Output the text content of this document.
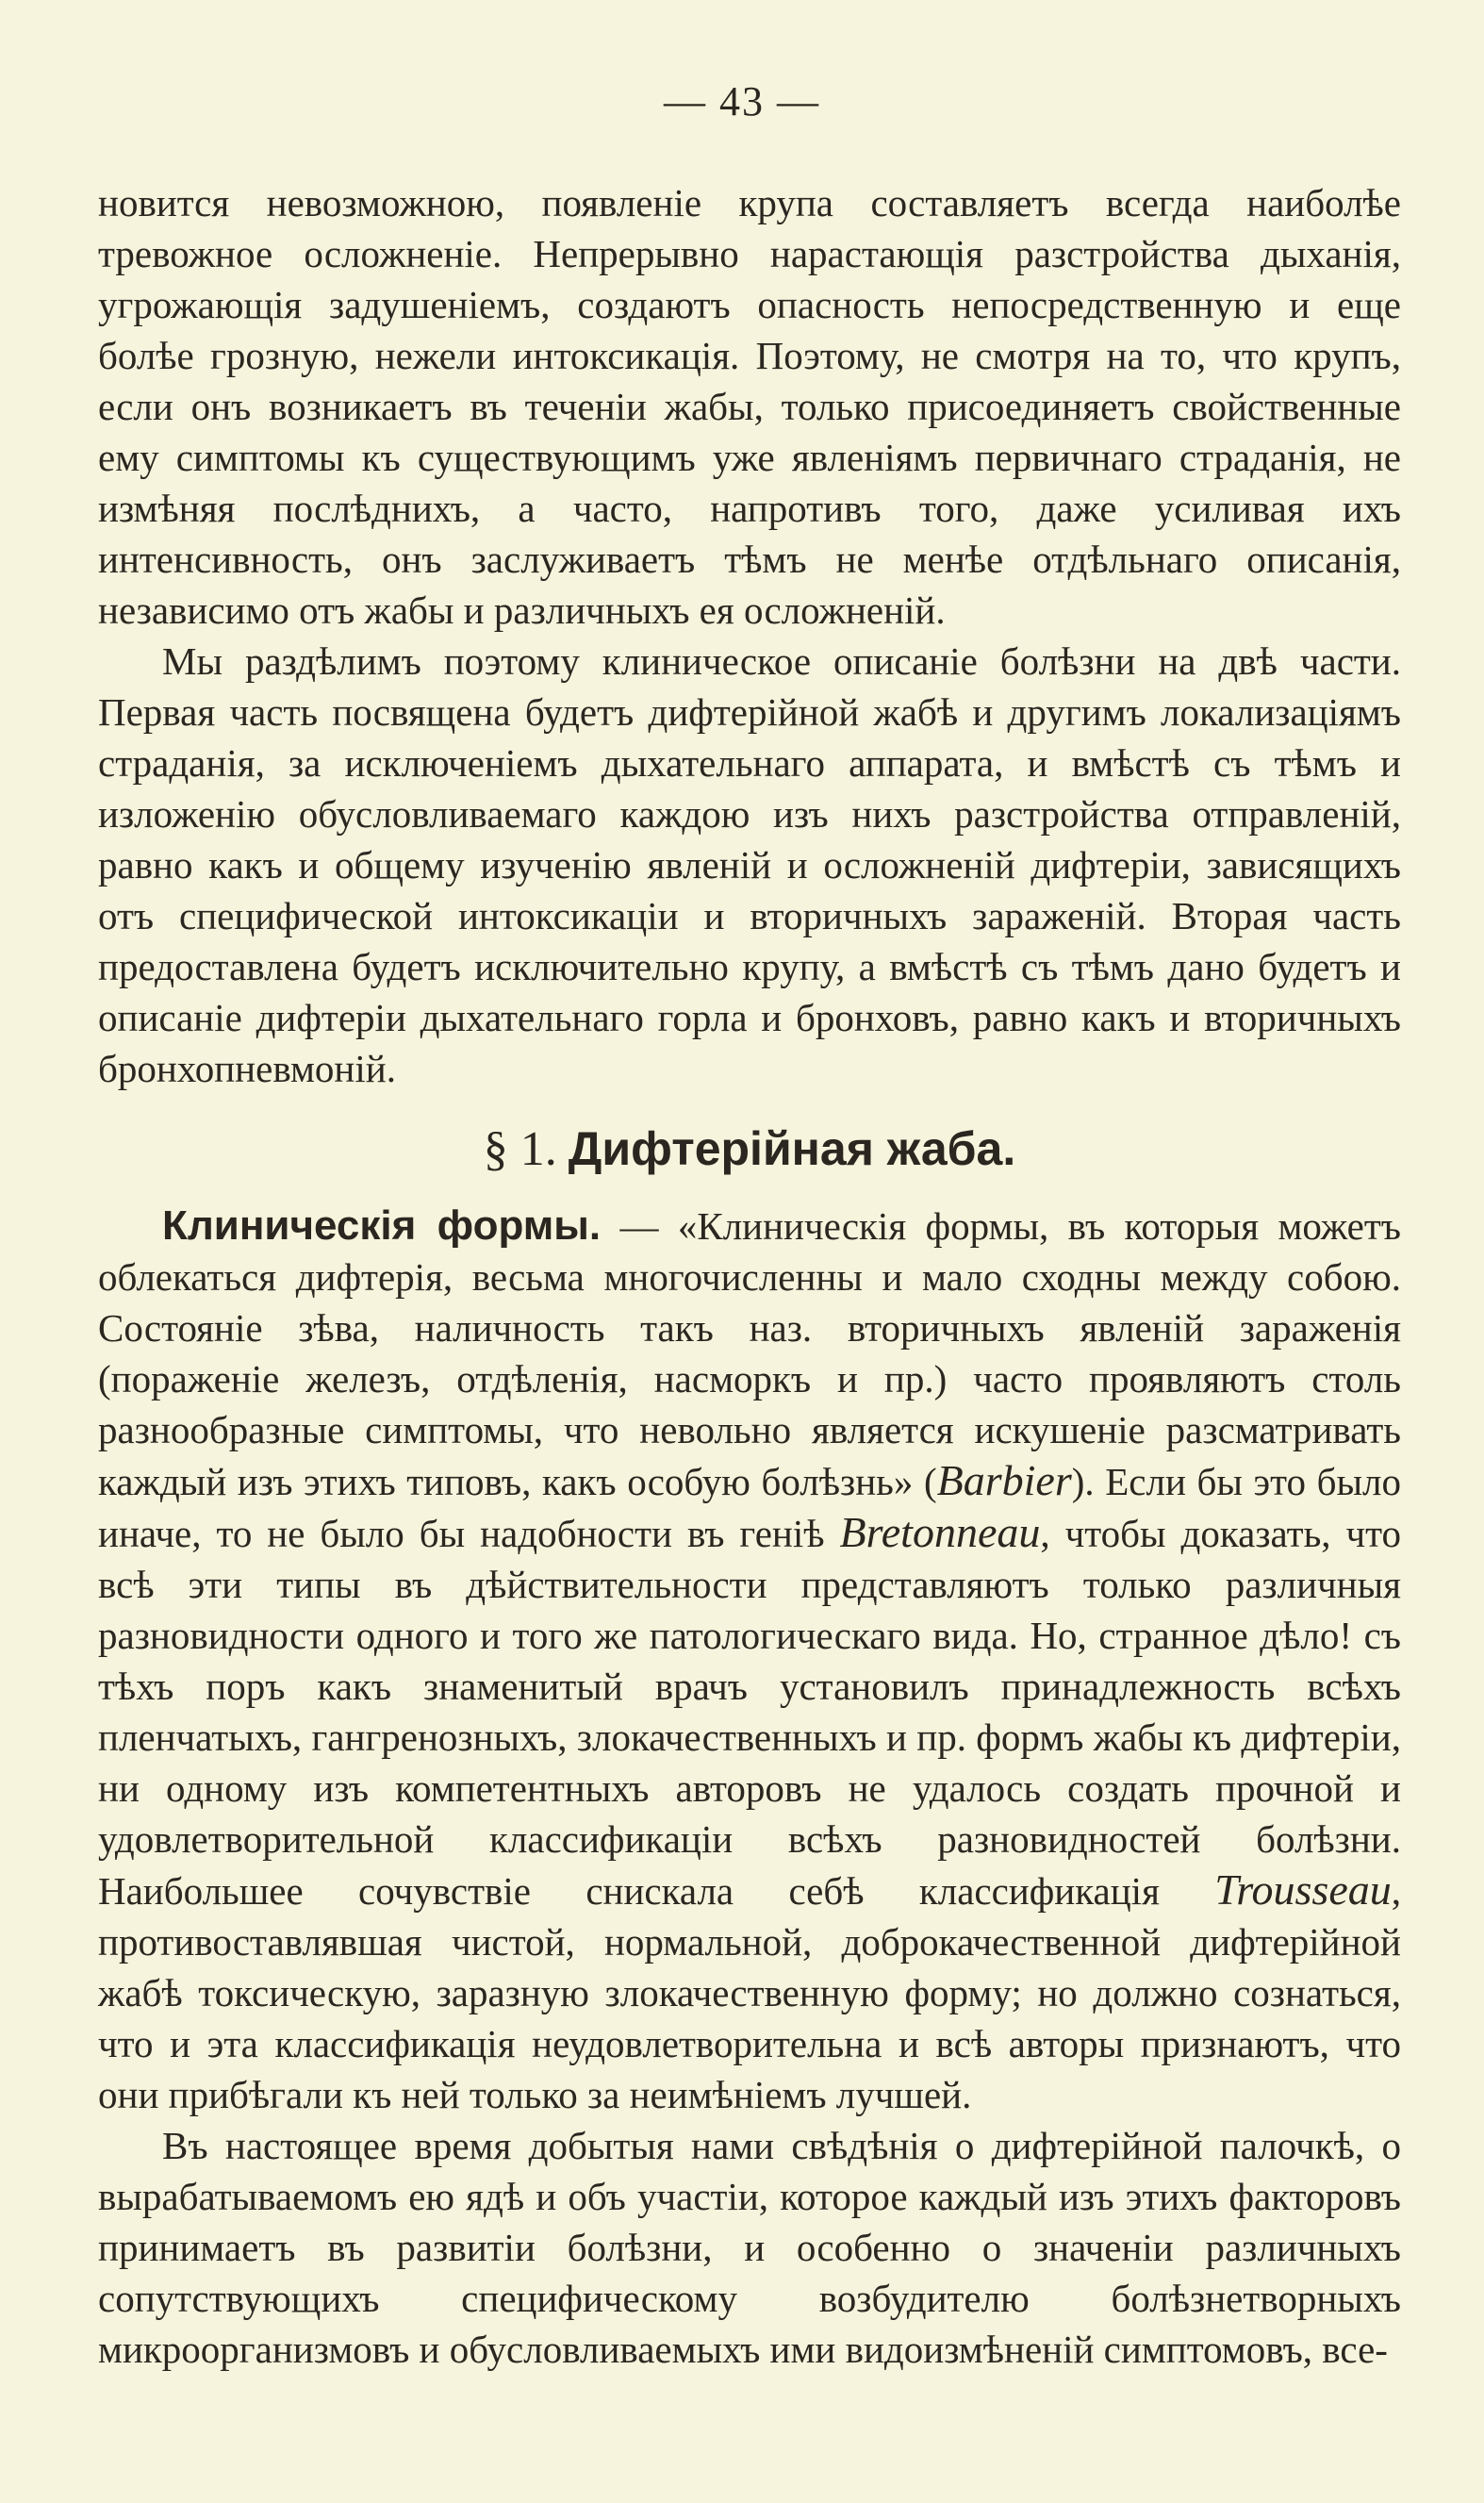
— 43 —

новится невозможною, появленіе крупа составляетъ всегда наиболѣе тревожное осложненіе. Непрерывно нарастающія разстройства дыханія, угрожающія задушеніемъ, создаютъ опасность непосредственную и еще болѣе грозную, нежели интоксикація. Поэтому, не смотря на то, что крупъ, если онъ возникаетъ въ теченіи жабы, только присоединяетъ свойственные ему симптомы къ существующимъ уже явленіямъ первичнаго страданія, не измѣняя послѣднихъ, а часто, напротивъ того, даже усиливая ихъ интенсивность, онъ заслуживаетъ тѣмъ не менѣе отдѣльнаго описанія, независимо отъ жабы и различныхъ ея осложненій.

Мы раздѣлимъ поэтому клиническое описаніе болѣзни на двѣ части. Первая часть посвящена будетъ дифтерійной жабѣ и другимъ локализаціямъ страданія, за исключеніемъ дыхательнаго аппарата, и вмѣстѣ съ тѣмъ и изложенію обусловливаемаго каждою изъ нихъ разстройства отправленій, равно какъ и общему изученію явленій и осложненій дифтеріи, зависящихъ отъ специфической интоксикаціи и вторичныхъ зараженій. Вторая часть предоставлена будетъ исключительно крупу, а вмѣстѣ съ тѣмъ дано будетъ и описаніе дифтеріи дыхательнаго горла и бронховъ, равно какъ и вторичныхъ бронхопневмоній.

§ 1. Дифтерійная жаба.

Клиническія формы. — «Клиническія формы, въ которыя можетъ облекаться дифтерія, весьма многочисленны и мало сходны между собою. Состояніе зѣва, наличность такъ наз. вторичныхъ явленій зараженія (пораженіе железъ, отдѣленія, насморкъ и пр.) часто проявляютъ столь разнообразные симптомы, что невольно является искушеніе разсматривать каждый изъ этихъ типовъ, какъ особую болѣзнь» (Barbier). Если бы это было иначе, то не было бы надобности въ геніѣ Bretonneau, чтобы доказать, что всѣ эти типы въ дѣйствительности представляютъ только различныя разновидности одного и того же патологическаго вида. Но, странное дѣло! съ тѣхъ поръ какъ знаменитый врачъ установилъ принадлежность всѣхъ пленчатыхъ, гангренозныхъ, злокачественныхъ и пр. формъ жабы къ дифтеріи, ни одному изъ компетентныхъ авторовъ не удалось создать прочной и удовлетворительной классификаціи всѣхъ разновидностей болѣзни. Наибольшее сочувствіе снискала себѣ классификація Trousseau, противоставлявшая чистой, нормальной, доброкачественной дифтерійной жабѣ токсическую, заразную злокачественную форму; но должно сознаться, что и эта классификація неудовлетворительна и всѣ авторы признаютъ, что они прибѣгали къ ней только за неимѣніемъ лучшей.

Въ настоящее время добытыя нами свѣдѣнія о дифтерійной палочкѣ, о вырабатываемомъ ею ядѣ и объ участіи, которое каждый изъ этихъ факторовъ принимаетъ въ развитіи болѣзни, и особенно о значеніи различныхъ сопутствующихъ специфическому возбудителю болѣзнетворныхъ микроорганизмовъ и обусловливаемыхъ ими видоизмѣненій симптомовъ, все-
